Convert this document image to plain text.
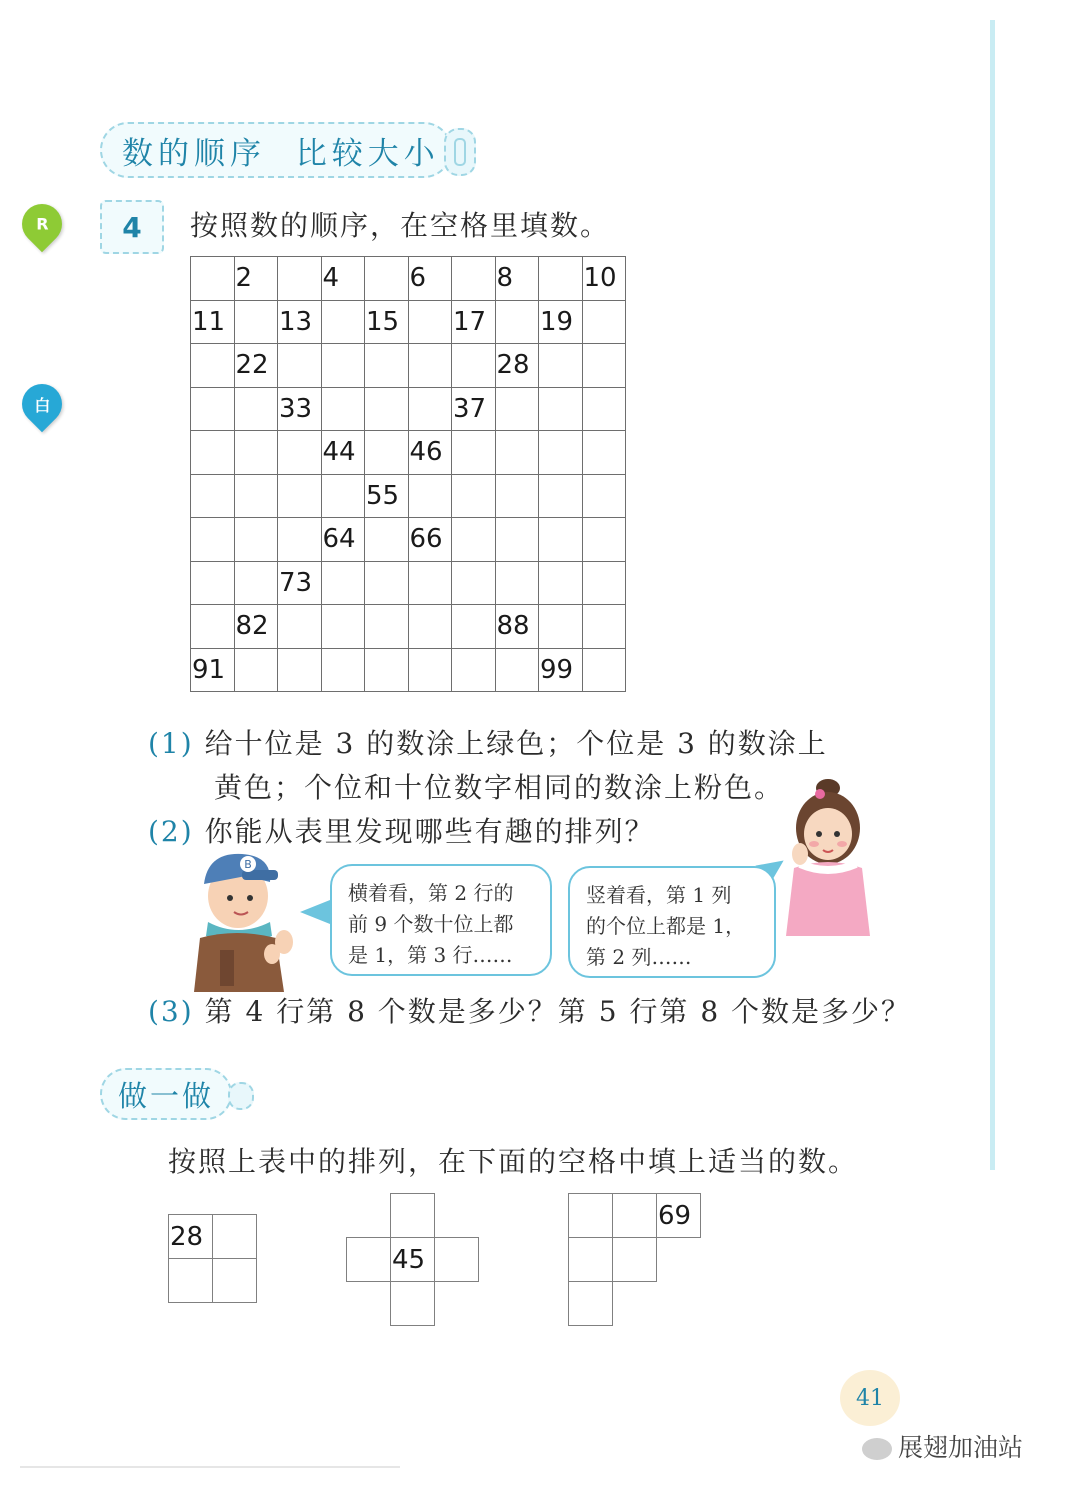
数的顺序  比较大小
R
白
4 按照数的顺序，在空格里填数。
	2		4		6		8		10
11		13		15		17		19	
	22						28		
		33				37			
			44		46				
				55					
			64		66				
		73							
	82						88		
91								99	
(1) 给十位是 3 的数涂上绿色；个位是 3 的数涂上
黄色；个位和十位数字相同的数涂上粉色。
(2) 你能从表里发现哪些有趣的排列？
B
横着看，第 2 行的
前 9 个数十位上都
是 1，第 3 行……
竖着看，第 1 列
的个位上都是 1，
第 2 列……
(3) 第 4 行第 8 个数是多少？第 5 行第 8 个数是多少？
做一做
按照上表中的排列，在下面的空格中填上适当的数。
28
45
69
41
展翅加油站
